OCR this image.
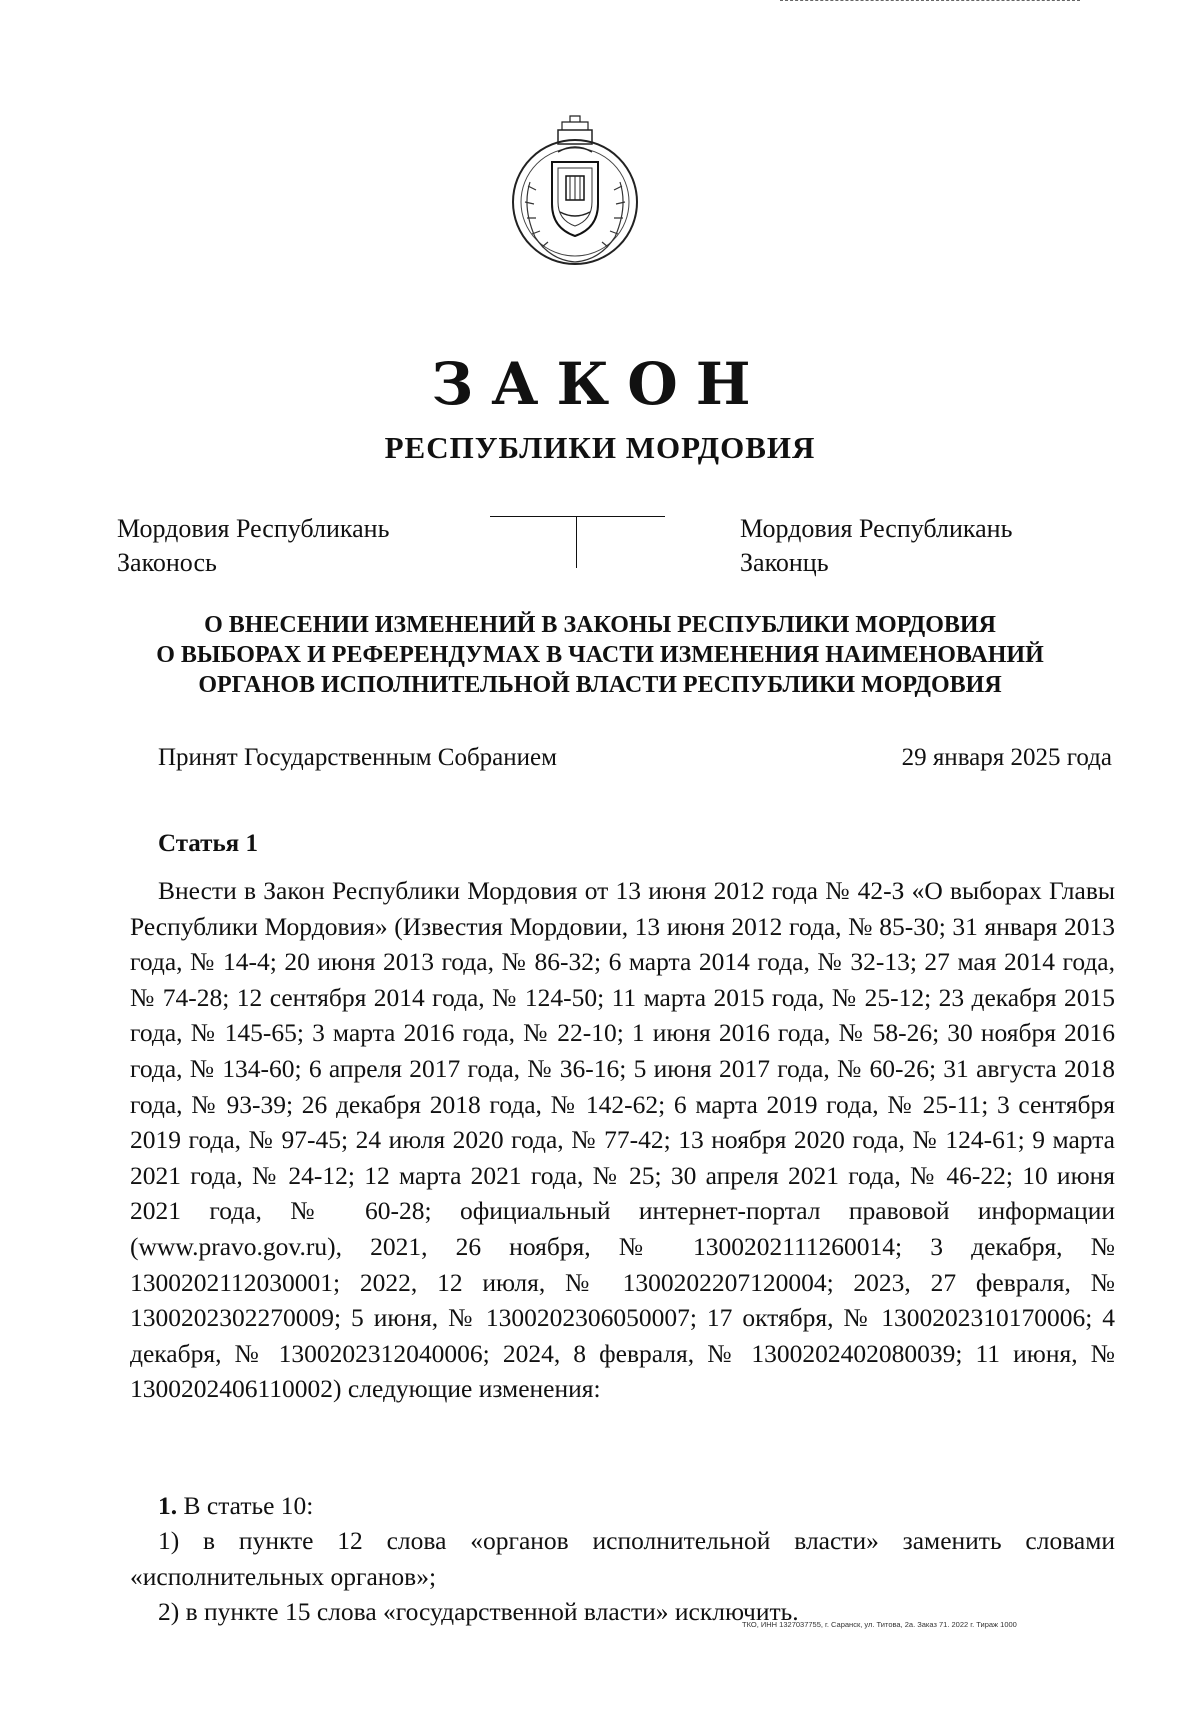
ЗАКОН
РЕСПУБЛИКИ МОРДОВИЯ
Мордовия Республикань
Законось
Мордовия Республикань
Законць
О ВНЕСЕНИИ ИЗМЕНЕНИЙ В ЗАКОНЫ РЕСПУБЛИКИ МОРДОВИЯ
О ВЫБОРАХ И РЕФЕРЕНДУМАХ В ЧАСТИ ИЗМЕНЕНИЯ НАИМЕНОВАНИЙ
ОРГАНОВ ИСПОЛНИТЕЛЬНОЙ ВЛАСТИ РЕСПУБЛИКИ МОРДОВИЯ
Принят Государственным Собранием	29 января 2025 года
Статья 1

Внести в Закон Республики Мордовия от 13 июня 2012 года № 42-З «О выборах Главы Республики Мордовия» (Известия Мордовии, 13 июня 2012 года, № 85-30; 31 января 2013 года, № 14-4; 20 июня 2013 года, № 86-32; 6 марта 2014 года, № 32-13; 27 мая 2014 года, № 74-28; 12 сентября 2014 года, № 124-50; 11 марта 2015 года, № 25-12; 23 декабря 2015 года, № 145-65; 3 марта 2016 года, № 22-10; 1 июня 2016 года, № 58-26; 30 ноября 2016 года, № 134-60; 6 апреля 2017 года, № 36-16; 5 июня 2017 года, № 60-26; 31 августа 2018 года, № 93-39; 26 декабря 2018 года, № 142-62; 6 марта 2019 года, № 25-11; 3 сентября 2019 года, № 97-45; 24 июля 2020 года, № 77-42; 13 ноября 2020 года, № 124-61; 9 марта 2021 года, № 24-12; 12 марта 2021 года, № 25; 30 апреля 2021 года, № 46-22; 10 июня 2021 года, № 60-28; официальный интернет-портал правовой информации (www.pravo.gov.ru), 2021, 26 ноября, № 1300202111260014; 3 декабря, № 1300202112030001; 2022, 12 июля, № 1300202207120004; 2023, 27 февраля, № 1300202302270009; 5 июня, № 1300202306050007; 17 октября, № 1300202310170006; 4 декабря, № 1300202312040006; 2024, 8 февраля, № 1300202402080039; 11 июня, № 1300202406110002) следующие изменения:

1. В статье 10:

1) в пункте 12 слова «органов исполнительной власти» заменить словами «исполнительных органов»;

2) в пункте 15 слова «государственной власти» исключить.
ТКО, ИНН 1327037755, г. Саранск, ул. Титова, 2а. Заказ 71. 2022 г. Тираж 1000
